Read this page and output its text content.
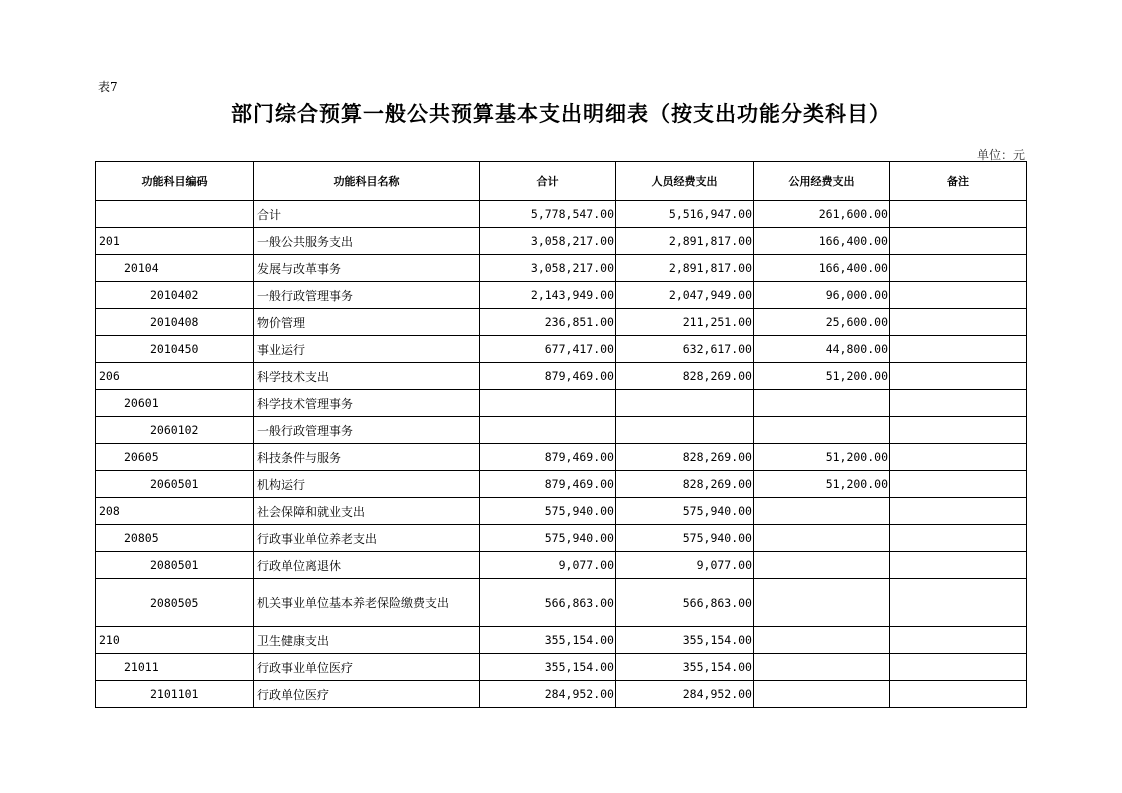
表7
部门综合预算一般公共预算基本支出明细表（按支出功能分类科目）
单位：元
功能科目编码	功能科目名称	合计	人员经费支出	公用经费支出	备注
	合计	5,778,547.00	5,516,947.00	261,600.00	
201	一般公共服务支出	3,058,217.00	2,891,817.00	166,400.00	
20104	发展与改革事务	3,058,217.00	2,891,817.00	166,400.00	
2010402	一般行政管理事务	2,143,949.00	2,047,949.00	96,000.00	
2010408	物价管理	236,851.00	211,251.00	25,600.00	
2010450	事业运行	677,417.00	632,617.00	44,800.00	
206	科学技术支出	879,469.00	828,269.00	51,200.00	
20601	科学技术管理事务				
2060102	一般行政管理事务				
20605	科技条件与服务	879,469.00	828,269.00	51,200.00	
2060501	机构运行	879,469.00	828,269.00	51,200.00	
208	社会保障和就业支出	575,940.00	575,940.00		
20805	行政事业单位养老支出	575,940.00	575,940.00		
2080501	行政单位离退休	9,077.00	9,077.00		
2080505	机关事业单位基本养老保险缴费支出	566,863.00	566,863.00		
210	卫生健康支出	355,154.00	355,154.00		
21011	行政事业单位医疗	355,154.00	355,154.00		
2101101	行政单位医疗	284,952.00	284,952.00		
